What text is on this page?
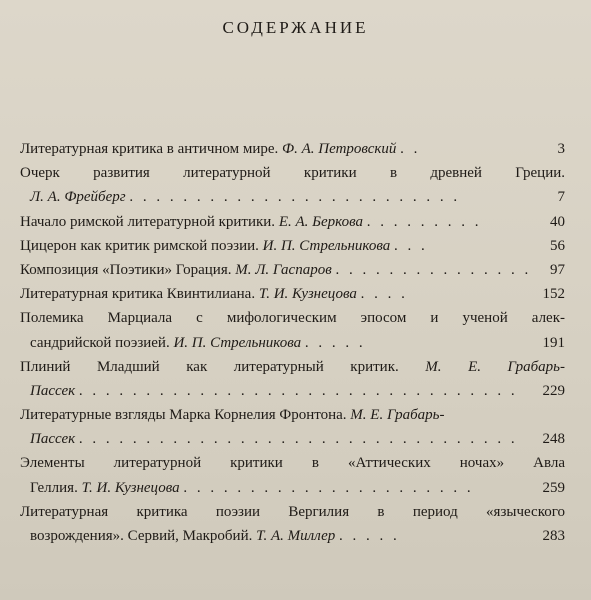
СОДЕРЖАНИЕ
Литературная критика в античном мире. Ф. А. Петровский . .	3
Очерк развития литературной критики в древней Греции.
Л. А. Фрейберг . . . . . . . . . . . . . . . . . . . . . . . . .	7
Начало римской литературной критики. Е. А. Беркова . . . . . . . . .	40
Цицерон как критик римской поэзии. И. П. Стрельникова . . .	56
Композиция «Поэтики» Горация. М. Л. Гаспаров . . . . . . . . . . . . . . . 97
Литературная критика Квинтилиана. Т. И. Кузнецова . . . .	152
Полемика Марциала с мифологическим эпосом и ученой алек-
сандрийской поэзией. И. П. Стрельникова . . . . .	191
Плиний Младший как литературный критик. М. Е. Грабарь-
Пассек . . . . . . . . . . . . . . . . . . . . . . . . . . . . . . . . . 229
Литературные взгляды Марка Корнелия Фронтона. М. Е. Грабарь-
Пассек . . . . . . . . . . . . . . . . . . . . . . . . . . . . . . . . . 248
Элементы литературной критики в «Аттических ночах» Авла
Геллия. Т. И. Кузнецова . . . . . . . . . . . . . . . . . . . . . .	259
Литературная критика поэзии Вергилия в период «языческого
возрождения». Сервий, Макробий. Т. А. Миллер . . . . .	283
